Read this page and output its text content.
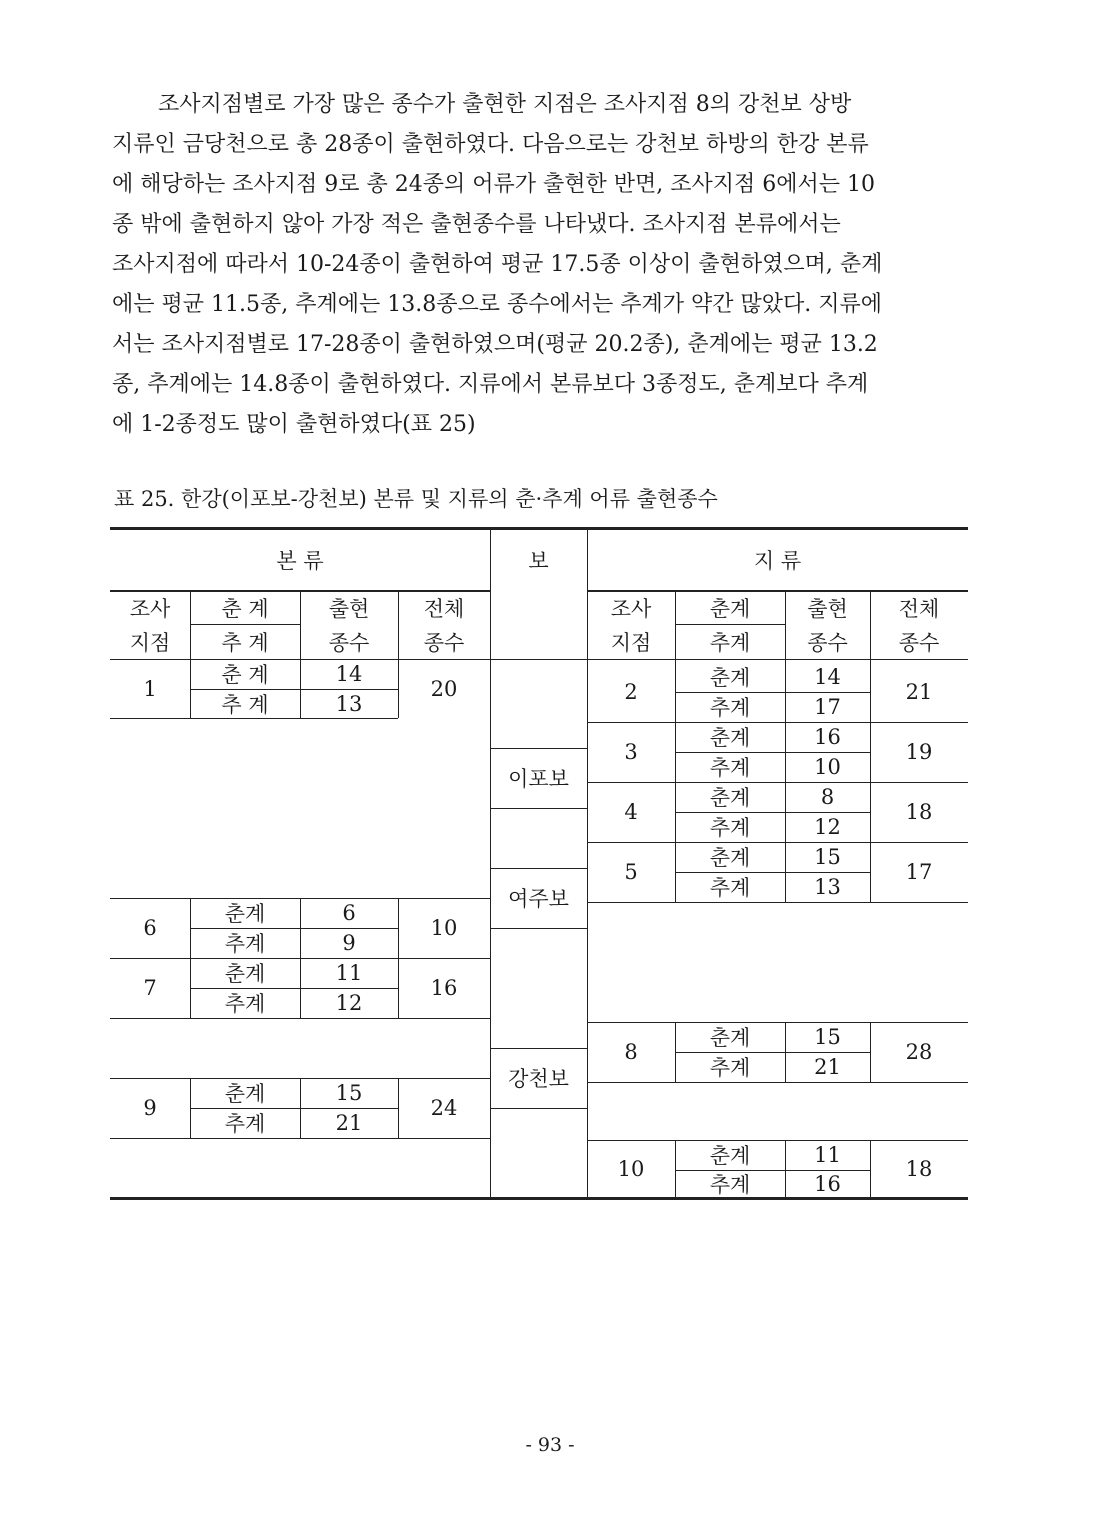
조사지점별로 가장 많은 종수가 출현한 지점은 조사지점 8의 강천보 상방
지류인 금당천으로 총 28종이 출현하였다. 다음으로는 강천보 하방의 한강 본류
에 해당하는 조사지점 9로 총 24종의 어류가 출현한 반면, 조사지점 6에서는 10
종 밖에 출현하지 않아 가장 적은 출현종수를 나타냈다. 조사지점 본류에서는
조사지점에 따라서 10-24종이 출현하여 평균 17.5종 이상이 출현하였으며, 춘계
에는 평균 11.5종, 추계에는 13.8종으로 종수에서는 추계가 약간 많았다. 지류에
서는 조사지점별로 17-28종이 출현하였으며(평균 20.2종), 춘계에는 평균 13.2
종, 추계에는 14.8종이 출현하였다. 지류에서 본류보다 3종정도, 춘계보다 추계
에 1-2종정도 많이 출현하였다(표 25)
표 25. 한강(이포보-강천보) 본류 및 지류의 춘·추계 어류 출현종수
본 류	보	지 류
조사
지점
춘 계
추 계
출현
종수
전체
종수
조사
지점
춘계
추계
출현
종수
전체
종수
1
춘 계
추 계
14
13
20
6
춘계
추계
6
9
10
7
춘계
추계
11
12
16
9
춘계
추계
15
21
24
이포보
여주보
강천보
2
춘계
추계
14
17
21
3
춘계
추계
16
10
19
4
춘계
추계
8
12
18
5
춘계
추계
15
13
17
8
춘계
추계
15
21
28
10
춘계
추계
11
16
18
- 93 -
